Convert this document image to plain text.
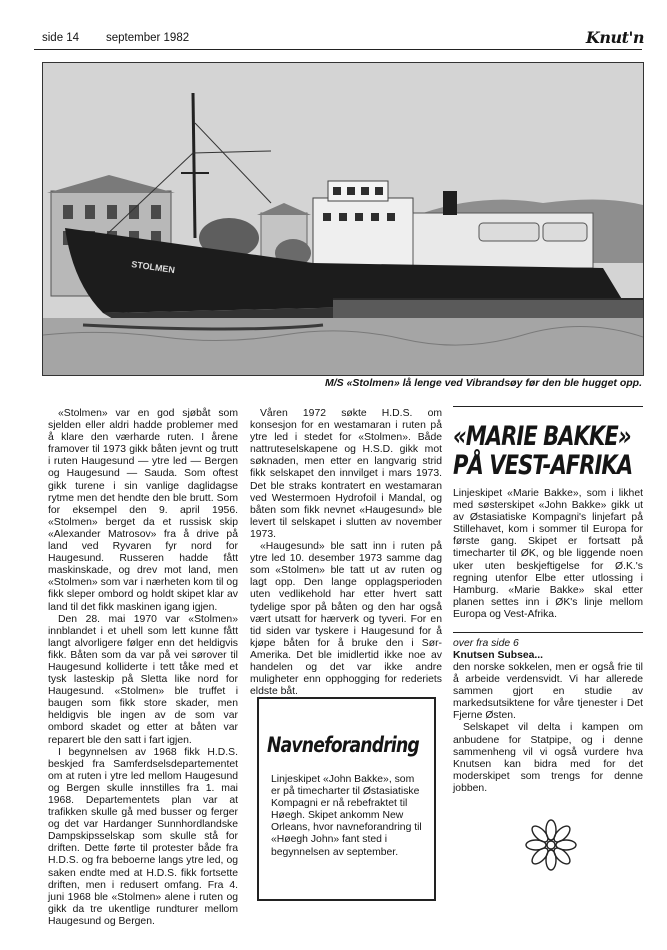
side 14 september 1982	Knut'n
STOLMEN
M/S «Stolmen» lå lenge ved Vibrandsøy før den ble hugget opp.

«Stolmen» var en god sjøbåt som sjelden eller aldri hadde problemer med å klare den værharde ruten. I årene framover til 1973 gikk båten jevnt og trutt i ruten Haugesund — ytre led — Bergen og Haugesund — Sauda. Som oftest gikk turene i sin vanlige daglidagse rytme men det hendte den ble brutt. Som for eksempel den 9. april 1956. «Stolmen» berget da et russisk skip «Alexander Matrosov» fra å drive på land ved Ryvaren fyr nord for Haugesund. Russeren hadde fått maskinskade, og drev mot land, men «Stolmen» som var i nærheten kom til og fikk sleper ombord og holdt skipet klar av land til det fikk maskinen igang igjen.

Den 28. mai 1970 var «Stolmen» innblandet i et uhell som lett kunne fått langt alvorligere følger enn det heldigvis fikk. Båten som da var på vei sørover til Haugesund kolliderte i tett tåke med et tysk lasteskip på Sletta like nord for Haugesund. «Stolmen» ble truffet i baugen som fikk store skader, men heldigvis ble ingen av de som var ombord skadet og etter at båten var reparert ble den satt i fart igjen.

I begynnelsen av 1968 fikk H.D.S. beskjed fra Samferdselsdepartementet om at ruten i ytre led mellom Haugesund og Bergen skulle innstilles fra 1. mai 1968. Departementets plan var at trafikken skulle gå med busser og ferger og det var Hardanger Sunnhordlandske Dampskipsselskap som skulle stå for driften. Dette førte til protester både fra H.D.S. og fra beboerne langs ytre led, og saken endte med at H.D.S. fikk fortsette driften, men i redusert omfang. Fra 4. juni 1968 ble «Stolmen» alene i ruten og gikk da tre ukentlige rundturer mellom Haugesund og Bergen.

Våren 1972 søkte H.D.S. om konsesjon for en westamaran i ruten på ytre led i stedet for «Stolmen». Både nattruteselskapene og H.S.D. gikk mot søknaden, men etter en langvarig strid fikk selskapet den innvilget i mars 1973. Det ble straks kontratert en westamaran ved Westermoen Hydrofoil i Mandal, og båten som fikk nevnet «Haugesund» ble levert til selskapet i slutten av november 1973.

«Haugesund» ble satt inn i ruten på ytre led 10. desember 1973 samme dag som «Stolmen» ble tatt ut av ruten og lagt opp. Den lange opplagsperioden uten vedlikehold har etter hvert satt tydelige spor på båten og den har også vært utsatt for hærverk og tyveri. For en tid siden var tyskere i Haugesund for å kjøpe båten for å bruke den i Sør-Amerika. Det ble imidlertid ikke noe av handelen og det var ikke andre muligheter enn opphogging for rederiets eldste båt.

Navneforandring
Linjeskipet «John Bakke», som er på timecharter til Østasiatiske Kompagni er nå rebefraktet til Høegh. Skipet ankomm New Orleans, hvor navneforandring til «Høegh John» fant sted i begynnelsen av september.
«MARIE BAKKE»
PÅ VEST-AFRIKA

Linjeskipet «Marie Bakke», som i likhet med søsterskipet «John Bakke» gikk ut av Østasiatiske Kompagni's linjefart på Stillehavet, kom i sommer til Europa for første gang. Skipet er fortsatt på timecharter til ØK, og ble liggende noen uker uten beskjeftigelse for Ø.K.'s regning utenfor Elbe etter utlossing i Hamburg. «Marie Bakke» skal etter planen settes inn i ØK's linje mellom Europa og Vest-Afrika.

over fra side 6
Knutsen Subsea...

den norske sokkelen, men er også frie til å arbeide verdensvidt. Vi har allerede sammen gjort en studie av markedsutsiktene for våre tjenester i Det Fjerne Østen.

Selskapet vil delta i kampen om anbudene for Statpipe, og i denne sammenheng vil vi også vurdere hva Knutsen kan bidra med for det moderskipet som trengs for denne jobben.
